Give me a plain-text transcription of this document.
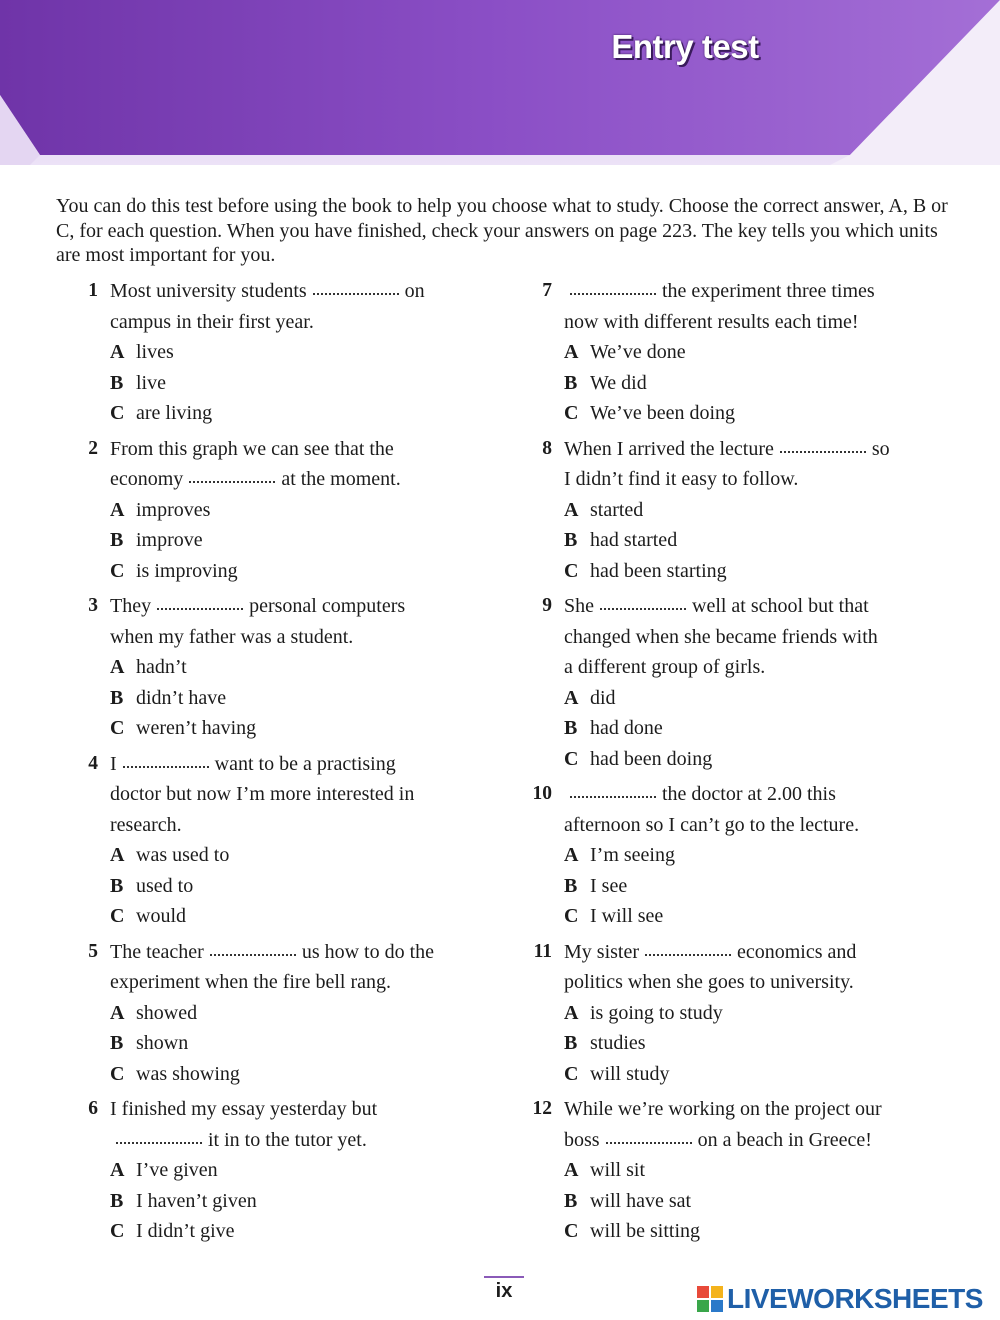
Entry test
You can do this test before using the book to help you choose what to study. Choose the correct answer, A, B or C, for each question. When you have finished, check your answers on page 223. The key tells you which units are most important for you.
1 Most university students	on
campus in their first year.
A lives
B live
C are living
2 From this graph we can see that the
economy	at the moment.
A improves
B improve
C is improving
3 They	personal computers
when my father was a student.
A hadn’t
B didn’t have
C weren’t having
4 I	want to be a practising
doctor but now I’m more interested in
research.
A was used to
B used to
C would
5 The teacher	us how to do the
experiment when the fire bell rang.
A showed
B shown
C was showing
6 I finished my essay yesterday but
it in to the tutor yet.
A I’ve given
B I haven’t given
C I didn’t give
7	the experiment three times
now with different results each time!
A We’ve done
B We did
C We’ve been doing
8 When I arrived the lecture	so
I didn’t find it easy to follow.
A started
B had started
C had been starting
9 She	well at school but that
changed when she became friends with
a different group of girls.
A did
B had done
C had been doing
10	the doctor at 2.00 this
afternoon so I can’t go to the lecture.
A I’m seeing
B I see
C I will see
11 My sister	economics and
politics when she goes to university.
A is going to study
B studies
C will study
12 While we’re working on the project our
boss	on a beach in Greece!
A will sit
B will have sat
C will be sitting
ix	LIVEWORKSHEETS
